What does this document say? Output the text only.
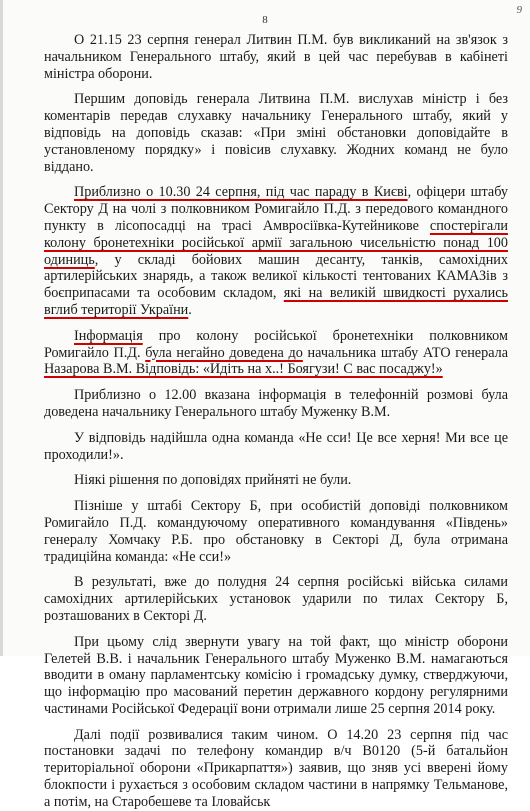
8
9

О 21.15 23 серпня генерал Литвин П.М. був викликаний на зв'язок з начальником Генерального штабу, який в цей час перебував в кабінеті міністра оборони.

Першим доповідь генерала Литвина П.М. вислухав міністр і без коментарів передав слухавку начальнику Генерального штабу, який у відповідь на доповідь сказав: «При зміні обстановки доповідайте в установленому порядку» і повісив слухавку. Жодних команд не було віддано.

Приблизно о 10.30 24 серпня, під час параду в Києві, офіцери штабу Сектору Д на чолі з полковником Ромигайло П.Д. з передового командного пункту в лісопосадці на трасі Амвросіївка-Кутейникове спостерігали колону бронетехніки російської армії загальною чисельністю понад 100 одиниць, у складі бойових машин десанту, танків, самохідних артилерійських знарядь, а також великої кількості тентованих КАМАЗів з боєприпасами та особовим складом, які на великій швидкості рухались вглиб території України.

Інформація про колону російської бронетехніки полковником Ромигайло П.Д. була негайно доведена до начальника штабу АТО генерала Назарова В.М. Відповідь: «Идіть на х..! Боягузи! С вас посаджу!»

Приблизно о 12.00 вказана інформація в телефонній розмові була доведена начальнику Генерального штабу Муженку В.М.

У відповідь надійшла одна команда «Не сси! Це все херня! Ми все це проходили!».

Ніякі рішення по доповідях прийняті не були.

Пізніше у штабі Сектору Б, при особистій доповіді полковником Ромигайло П.Д. командуючому оперативного командування «Південь» генералу Хомчаку Р.Б. про обстановку в Секторі Д, була отримана традиційна команда: «Не сси!»

В результаті, вже до полудня 24 серпня російські війська силами самохідних артилерійських установок ударили по тилах Сектору Б, розташованих в Секторі Д.

При цьому слід звернути увагу на той факт, що міністр оборони Гелетей В.В. і начальник Генерального штабу Муженко В.М. намагаються вводити в оману парламентську комісію і громадську думку, стверджуючи, що інформацію про масований перетин державного кордону регулярними частинами Російської Федерації вони отримали лише 25 серпня 2014 року.

Далі події розвивалися таким чином. О 14.20 23 серпня під час постановки задачі по телефону командир в/ч В0120 (5-й батальйон територіальної оборони «Прикарпаття») заявив, що зняв усі вверені йому блокпости і рухається з особовим складом частини в напрямку Тельманове, а потім, на Старобешеве та Іловайськ
